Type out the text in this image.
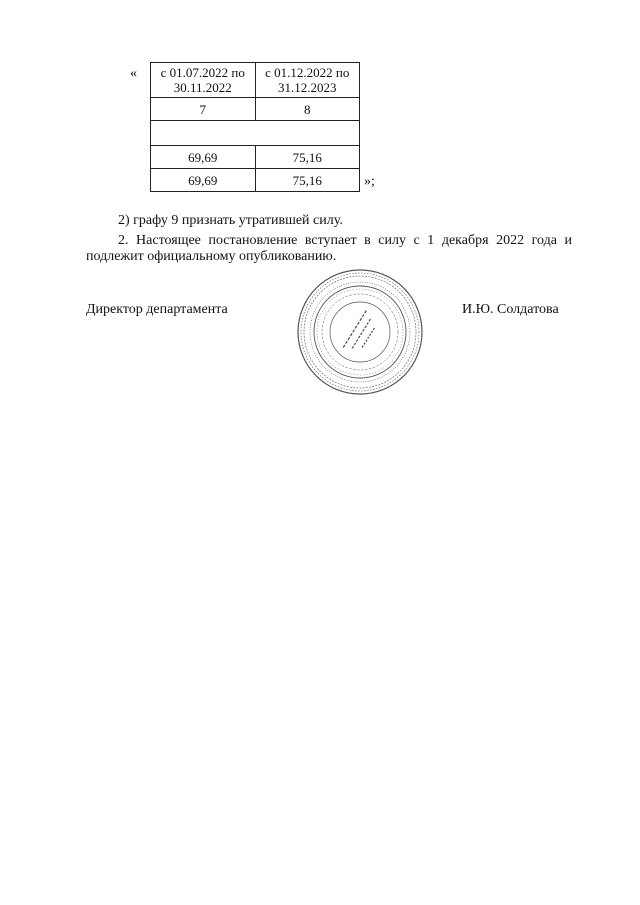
« с 01.07.2022 по 30.11.2022	с 01.12.2022 по 31.12.2023
7	8

69,69	75,16
69,69	75,16	»;
2) графу 9 признать утратившей силу.
2. Настоящее постановление вступает в силу с 1 декабря 2022 года и подлежит официальному опубликованию.
Директор департамента	И.Ю. Солдатова
